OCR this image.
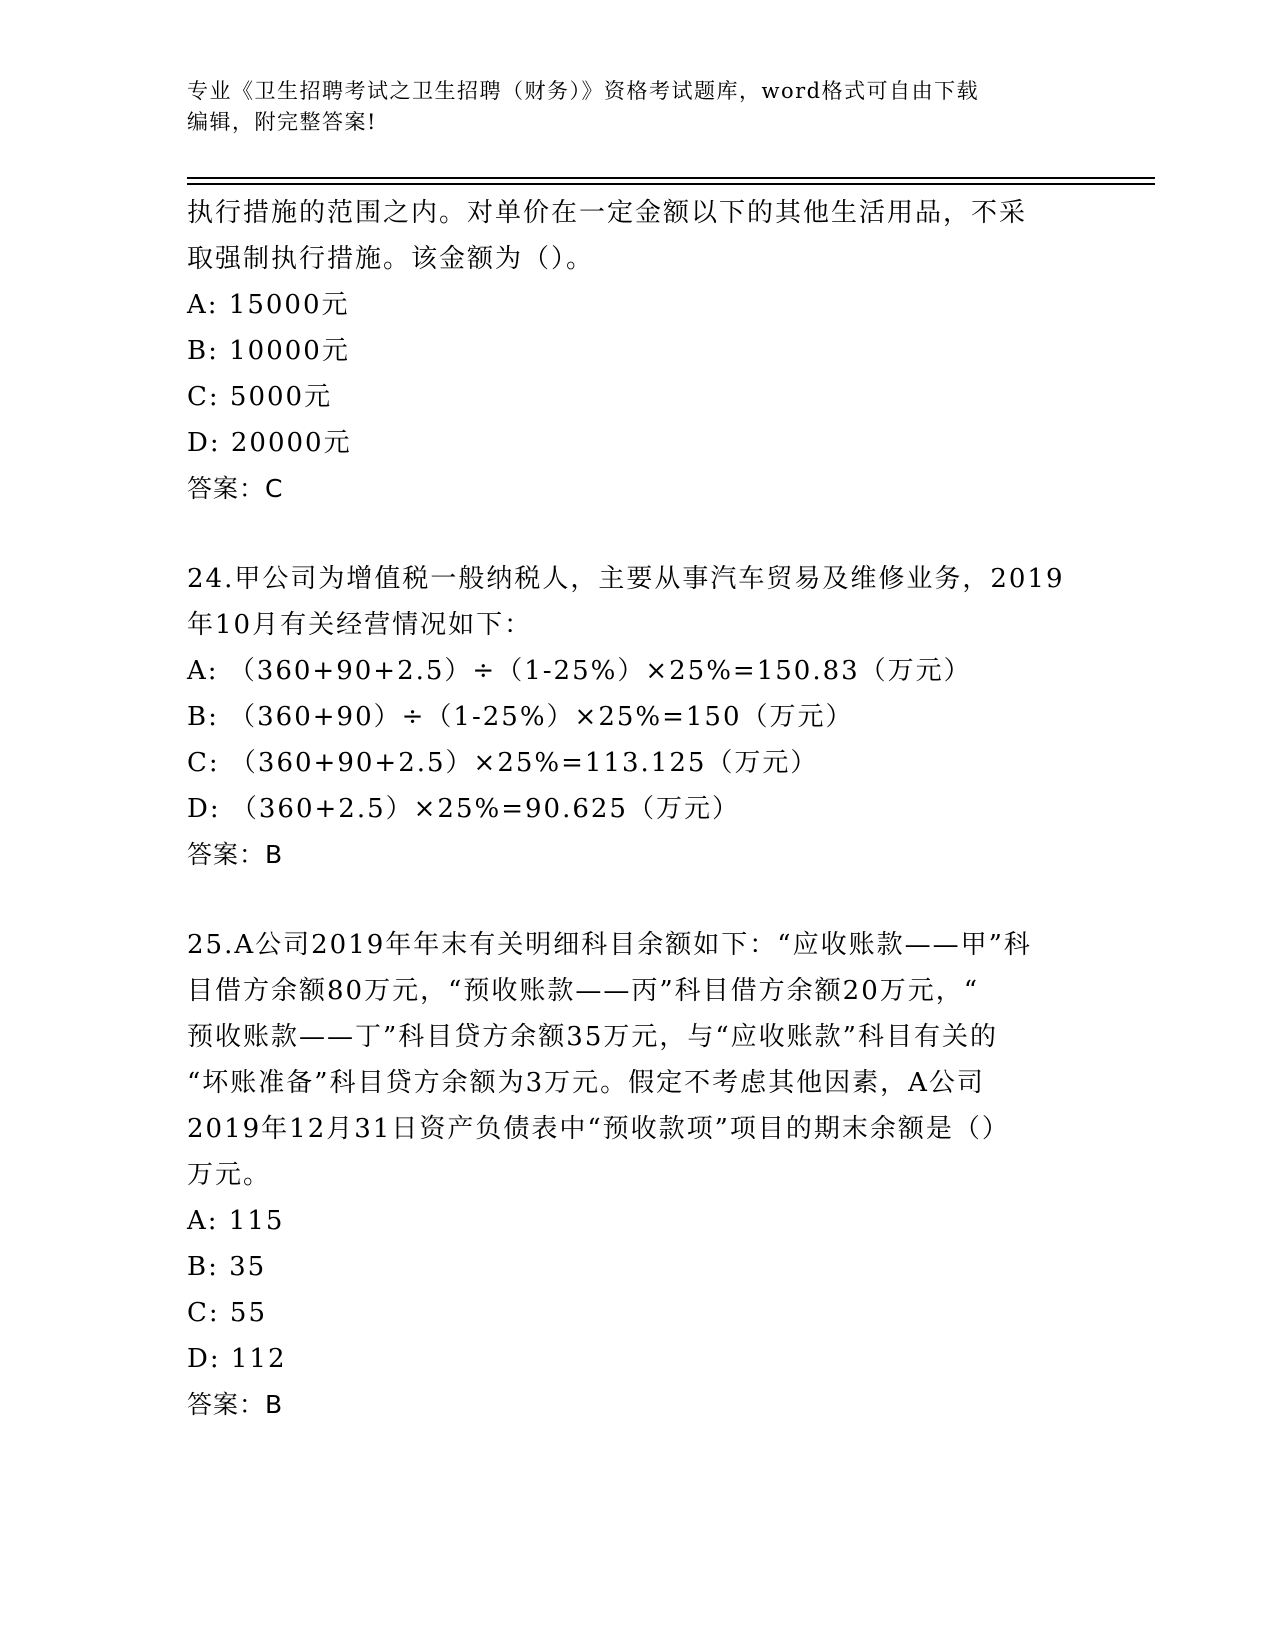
专业《卫生招聘考试之卫生招聘（财务）》资格考试题库，word格式可自由下载
编辑，附完整答案!
执行措施的范围之内。对单价在一定金额以下的其他生活用品，不采
取强制执行措施。该金额为（）。
A: 15000元
B: 10000元
C: 5000元
D: 20000元
答案：C
24.甲公司为增值税一般纳税人，主要从事汽车贸易及维修业务，2019
年10月有关经营情况如下：
A: （360+90+2.5）÷（1-25%）×25%=150.83（万元）
B: （360+90）÷（1-25%）×25%=150（万元）
C: （360+90+2.5）×25%=113.125（万元）
D: （360+2.5）×25%=90.625（万元）
答案：B
25.A公司2019年年末有关明细科目余额如下：“应收账款——甲”科
目借方余额80万元，“预收账款——丙”科目借方余额20万元，“
预收账款——丁”科目贷方余额35万元，与“应收账款”科目有关的
“坏账准备”科目贷方余额为3万元。假定不考虑其他因素，A公司
2019年12月31日资产负债表中“预收款项”项目的期末余额是（）
万元。
A: 115
B: 35
C: 55
D: 112
答案：B
